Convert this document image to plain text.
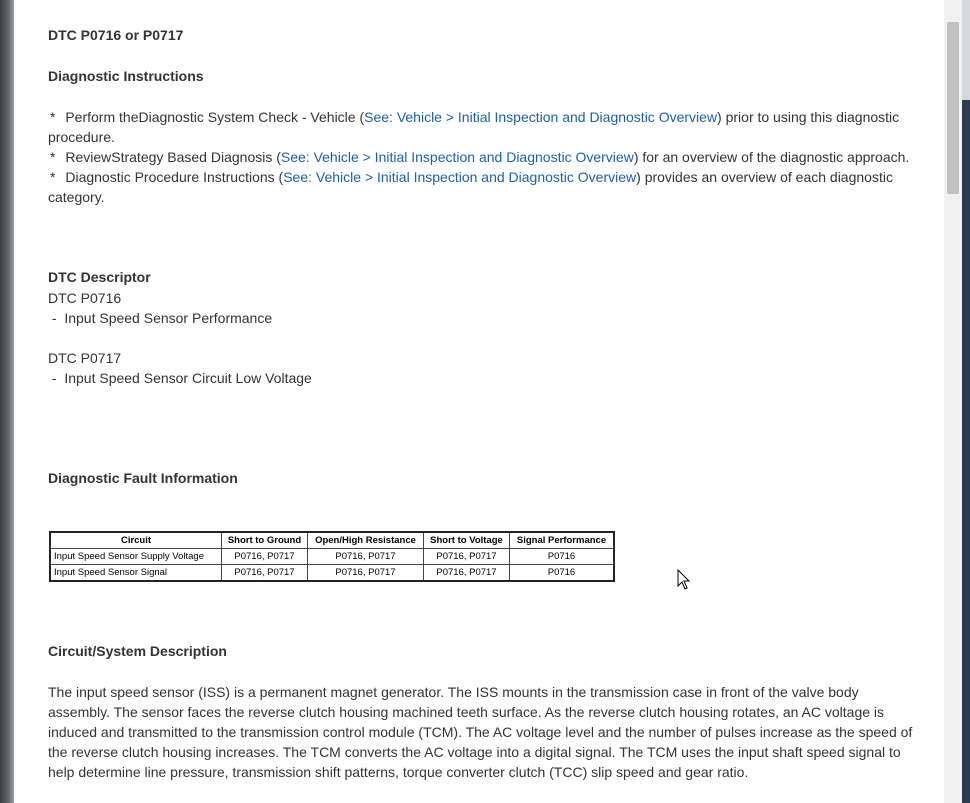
DTC P0716 or P0717
Diagnostic Instructions
* Perform theDiagnostic System Check - Vehicle (See: Vehicle > Initial Inspection and Diagnostic Overview) prior to using this diagnostic
procedure.
* ReviewStrategy Based Diagnosis (See: Vehicle > Initial Inspection and Diagnostic Overview) for an overview of the diagnostic approach.
* Diagnostic Procedure Instructions (See: Vehicle > Initial Inspection and Diagnostic Overview) provides an overview of each diagnostic
category.
DTC Descriptor
DTC P0716
-  Input Speed Sensor Performance
DTC P0717
-  Input Speed Sensor Circuit Low Voltage
Diagnostic Fault Information
Circuit	Short to Ground	Open/High Resistance	Short to Voltage	Signal Performance
Input Speed Sensor Supply Voltage	P0716, P0717	P0716, P0717	P0716, P0717	P0716
Input Speed Sensor Signal	P0716, P0717	P0716, P0717	P0716, P0717	P0716
Circuit/System Description
The input speed sensor (ISS) is a permanent magnet generator. The ISS mounts in the transmission case in front of the valve body
assembly. The sensor faces the reverse clutch housing machined teeth surface. As the reverse clutch housing rotates, an AC voltage is
induced and transmitted to the transmission control module (TCM). The AC voltage level and the number of pulses increase as the speed of
the reverse clutch housing increases. The TCM converts the AC voltage into a digital signal. The TCM uses the input shaft speed signal to
help determine line pressure, transmission shift patterns, torque converter clutch (TCC) slip speed and gear ratio.
